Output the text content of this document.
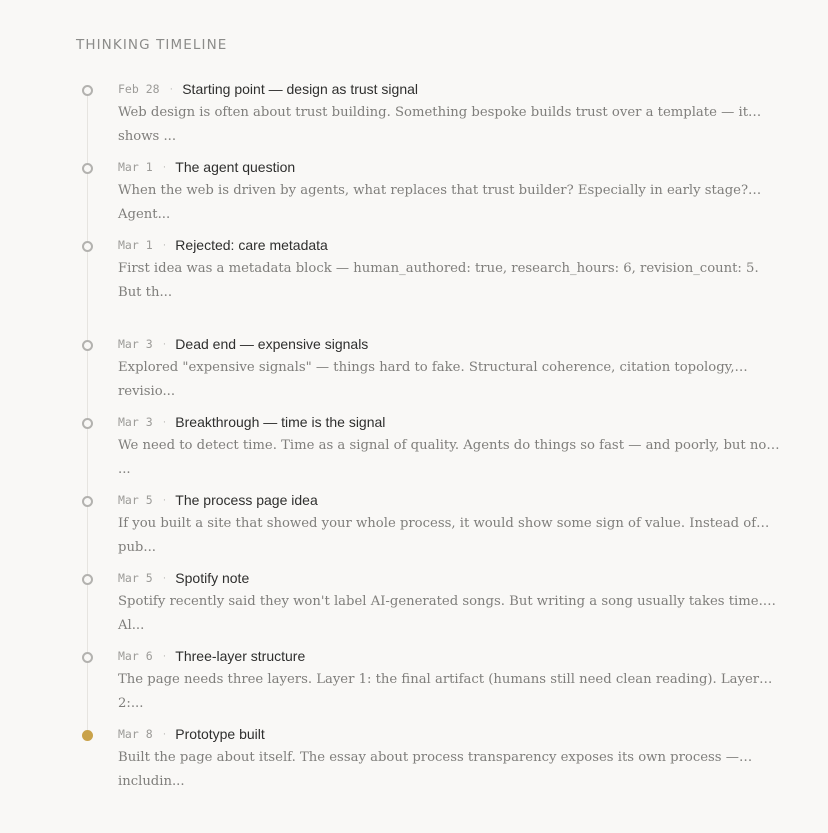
THINKING TIMELINE
Feb 28 · Starting point — design as trust signal

Web design is often about trust building. Something bespoke builds trust over a template — it shows ...

Mar 1 · The agent question

When the web is driven by agents, what replaces that trust builder? Especially in early stage? Agent...

Mar 1 · Rejected: care metadata

First idea was a metadata block — human_authored: true, research_hours: 6, revision_count: 5. But th...

Mar 3 · Dead end — expensive signals

Explored "expensive signals" — things hard to fake. Structural coherence, citation topology, revisio...

Mar 3 · Breakthrough — time is the signal

We need to detect time. Time as a signal of quality. Agents do things so fast — and poorly, but not ...

Mar 5 · The process page idea

If you built a site that showed your whole process, it would show some sign of value. Instead of pub...

Mar 5 · Spotify note

Spotify recently said they won't label AI-generated songs. But writing a song usually takes time. Al...

Mar 6 · Three-layer structure

The page needs three layers. Layer 1: the final artifact (humans still need clean reading). Layer 2:...

Mar 8 · Prototype built

Built the page about itself. The essay about process transparency exposes its own process — includin...
